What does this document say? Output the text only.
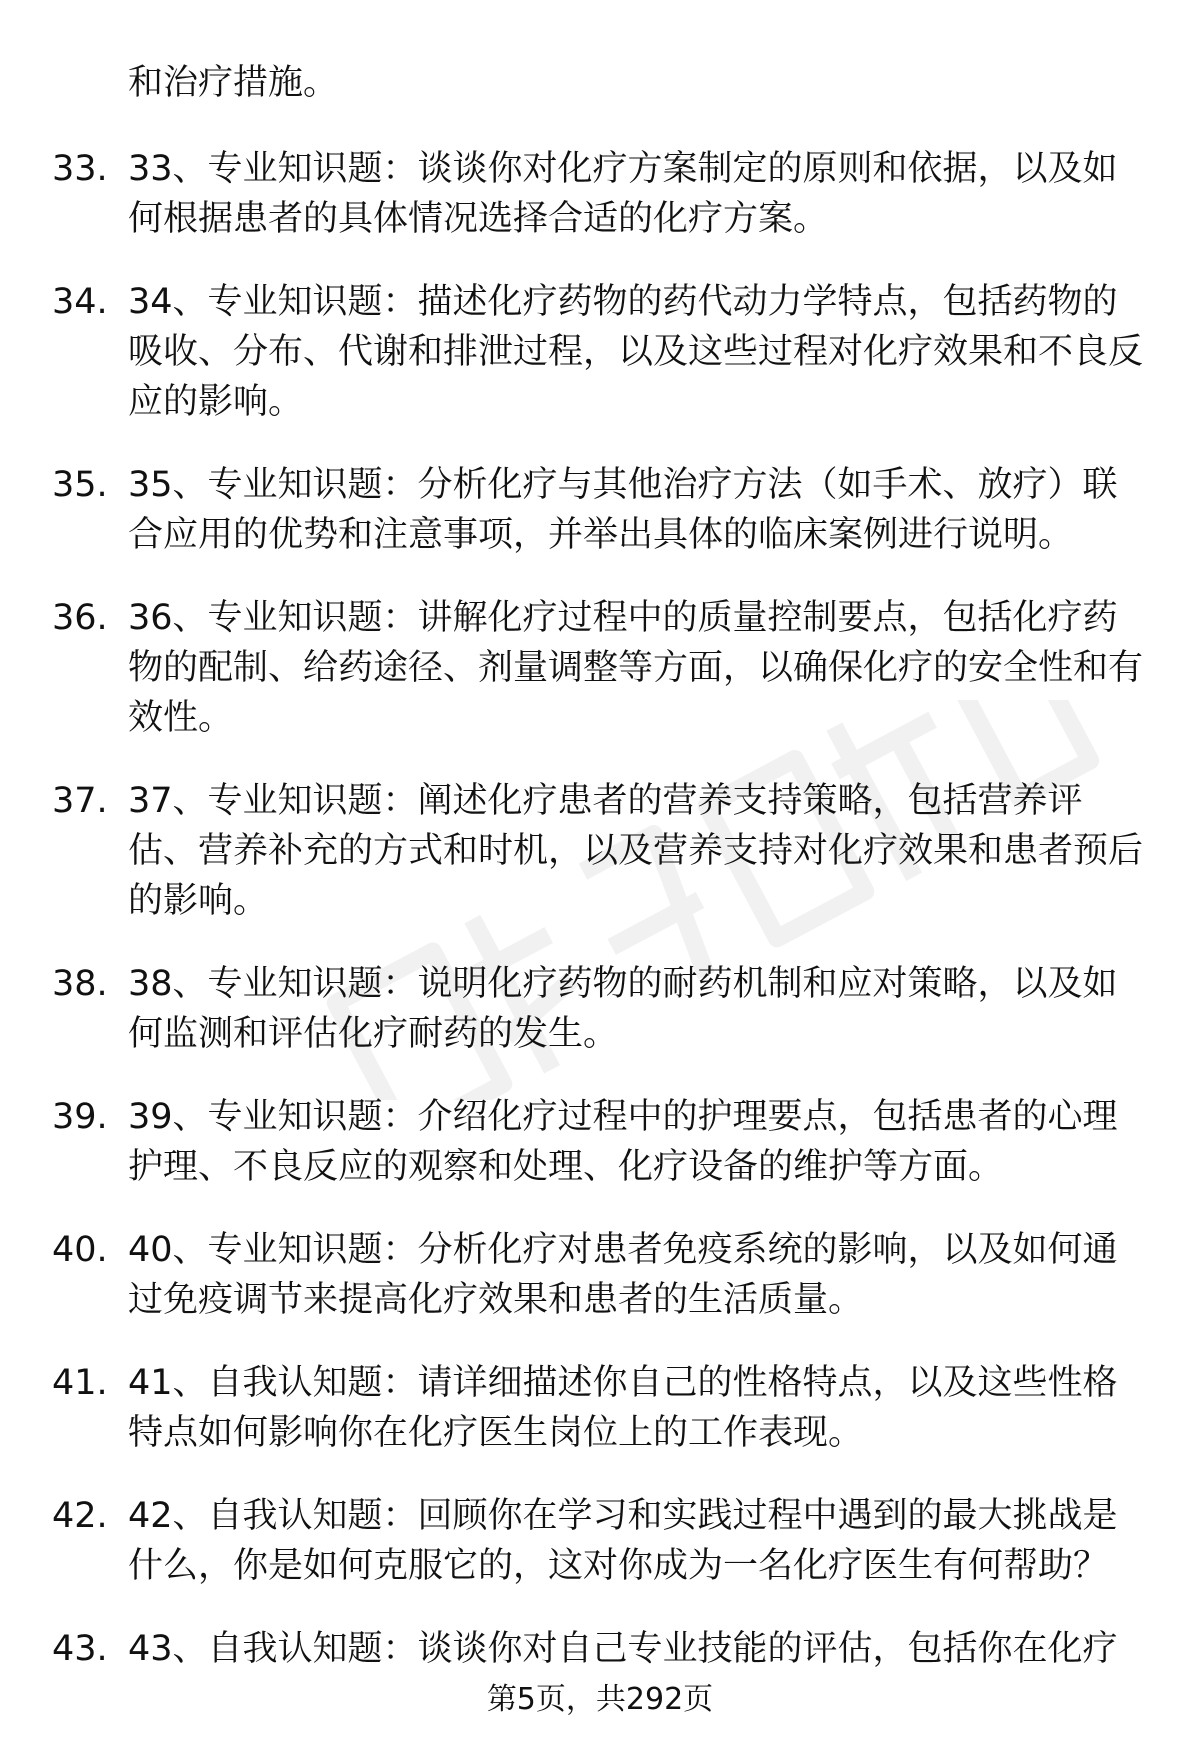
和治疗措施。

33. 33、专业知识题：谈谈你对化疗方案制定的原则和依据，以及如何根据患者的具体情况选择合适的化疗方案。
34. 34、专业知识题：描述化疗药物的药代动力学特点，包括药物的吸收、分布、代谢和排泄过程，以及这些过程对化疗效果和不良反应的影响。
35. 35、专业知识题：分析化疗与其他治疗方法（如手术、放疗）联合应用的优势和注意事项，并举出具体的临床案例进行说明。
36. 36、专业知识题：讲解化疗过程中的质量控制要点，包括化疗药物的配制、给药途径、剂量调整等方面，以确保化疗的安全性和有效性。
37. 37、专业知识题：阐述化疗患者的营养支持策略，包括营养评估、营养补充的方式和时机，以及营养支持对化疗效果和患者预后的影响。
38. 38、专业知识题：说明化疗药物的耐药机制和应对策略，以及如何监测和评估化疗耐药的发生。
39. 39、专业知识题：介绍化疗过程中的护理要点，包括患者的心理护理、不良反应的观察和处理、化疗设备的维护等方面。
40. 40、专业知识题：分析化疗对患者免疫系统的影响，以及如何通过免疫调节来提高化疗效果和患者的生活质量。
41. 41、自我认知题：请详细描述你自己的性格特点，以及这些性格特点如何影响你在化疗医生岗位上的工作表现。
42. 42、自我认知题：回顾你在学习和实践过程中遇到的最大挑战是什么，你是如何克服它的，这对你成为一名化疗医生有何帮助？
43. 43、自我认知题：谈谈你对自己专业技能的评估，包括你在化疗
第5页，共292页
